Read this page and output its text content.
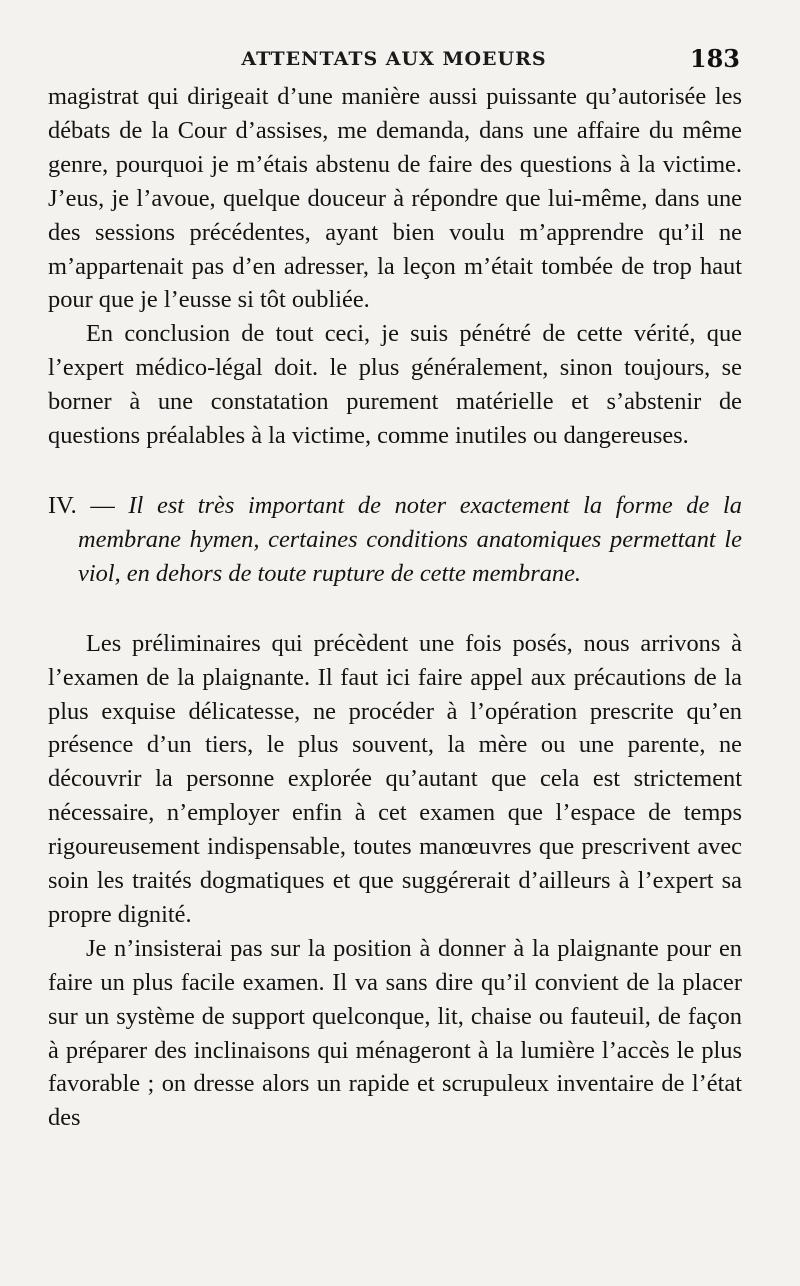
ATTENTATS AUX MOEURS	183

magistrat qui dirigeait d’une manière aussi puissante qu’autorisée les débats de la Cour d’assises, me demanda, dans une affaire du même genre, pourquoi je m’étais abstenu de faire des questions à la victime. J’eus, je l’avoue, quelque douceur à répondre que lui-même, dans une des sessions précédentes, ayant bien voulu m’apprendre qu’il ne m’appartenait pas d’en adresser, la leçon m’était tombée de trop haut pour que je l’eusse si tôt oubliée.

En conclusion de tout ceci, je suis pénétré de cette vérité, que l’expert médico-légal doit. le plus généralement, sinon toujours, se borner à une constatation purement matérielle et s’abstenir de questions préalables à la victime, comme inutiles ou dangereuses.

IV. — Il est très important de noter exactement la forme de la membrane hymen, certaines conditions anatomiques permettant le viol, en dehors de toute rupture de cette membrane.

Les préliminaires qui précèdent une fois posés, nous arrivons à l’examen de la plaignante. Il faut ici faire appel aux précautions de la plus exquise délicatesse, ne procéder à l’opération prescrite qu’en présence d’un tiers, le plus souvent, la mère ou une parente, ne découvrir la personne explorée qu’autant que cela est strictement nécessaire, n’employer enfin à cet examen que l’espace de temps rigoureusement indispensable, toutes manœuvres que prescrivent avec soin les traités dogmatiques et que suggérerait d’ailleurs à l’expert sa propre dignité.

Je n’insisterai pas sur la position à donner à la plaignante pour en faire un plus facile examen. Il va sans dire qu’il convient de la placer sur un système de support quelconque, lit, chaise ou fauteuil, de façon à préparer des inclinaisons qui ménageront à la lumière l’accès le plus favorable ; on dresse alors un rapide et scrupuleux inventaire de l’état des
